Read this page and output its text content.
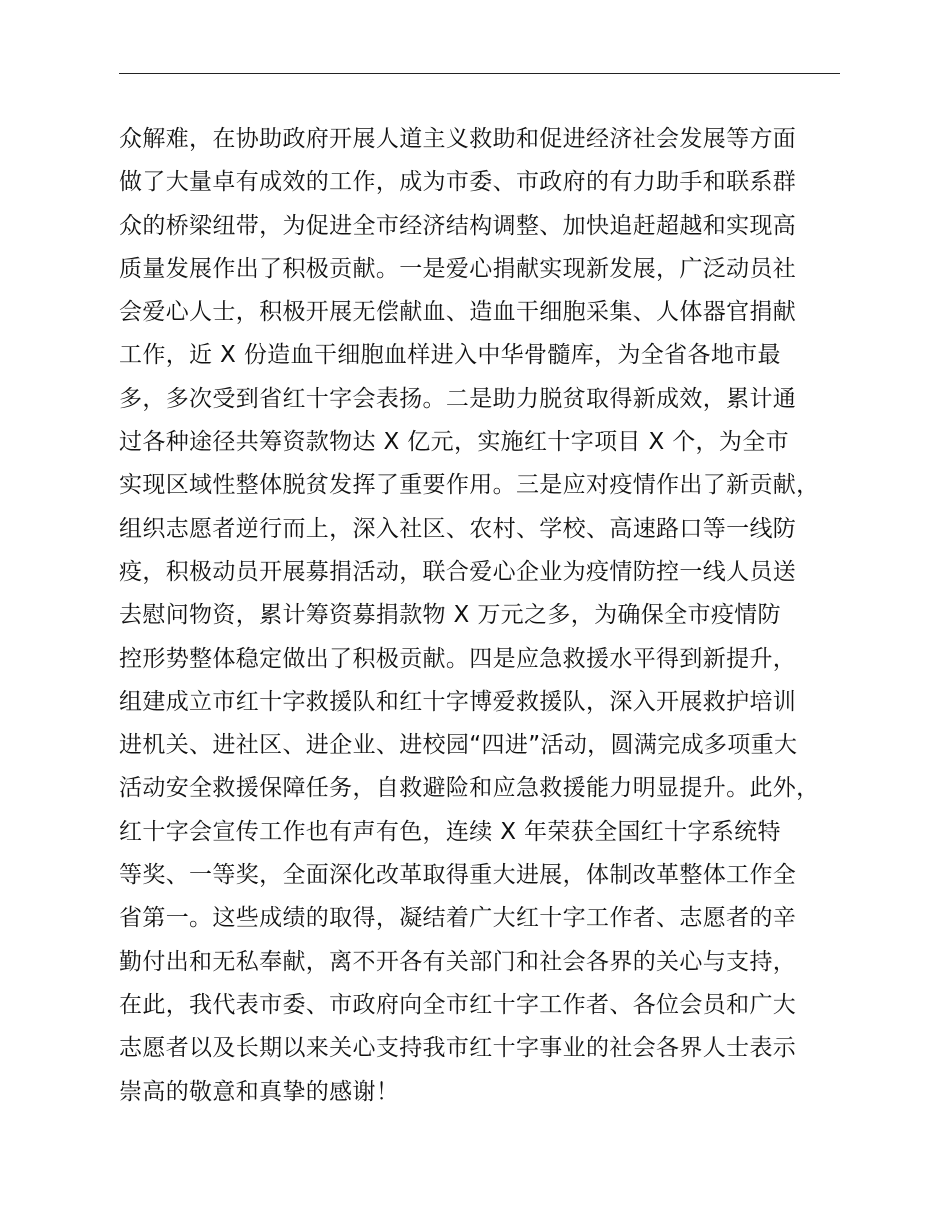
众解难，在协助政府开展人道主义救助和促进经济社会发展等方面
做了大量卓有成效的工作，成为市委、市政府的有力助手和联系群
众的桥梁纽带，为促进全市经济结构调整、加快追赶超越和实现高
质量发展作出了积极贡献。一是爱心捐献实现新发展，广泛动员社
会爱心人士，积极开展无偿献血、造血干细胞采集、人体器官捐献
工作，近 X 份造血干细胞血样进入中华骨髓库，为全省各地市最
多，多次受到省红十字会表扬。二是助力脱贫取得新成效，累计通
过各种途径共筹资款物达 X 亿元，实施红十字项目 X 个，为全市
实现区域性整体脱贫发挥了重要作用。三是应对疫情作出了新贡献，
组织志愿者逆行而上，深入社区、农村、学校、高速路口等一线防
疫，积极动员开展募捐活动，联合爱心企业为疫情防控一线人员送
去慰问物资，累计筹资募捐款物 X 万元之多，为确保全市疫情防
控形势整体稳定做出了积极贡献。四是应急救援水平得到新提升，
组建成立市红十字救援队和红十字博爱救援队，深入开展救护培训
进机关、进社区、进企业、进校园“四进”活动，圆满完成多项重大
活动安全救援保障任务，自救避险和应急救援能力明显提升。此外，
红十字会宣传工作也有声有色，连续 X 年荣获全国红十字系统特
等奖、一等奖，全面深化改革取得重大进展，体制改革整体工作全
省第一。这些成绩的取得，凝结着广大红十字工作者、志愿者的辛
勤付出和无私奉献，离不开各有关部门和社会各界的关心与支持，
在此，我代表市委、市政府向全市红十字工作者、各位会员和广大
志愿者以及长期以来关心支持我市红十字事业的社会各界人士表示
崇高的敬意和真挚的感谢！
